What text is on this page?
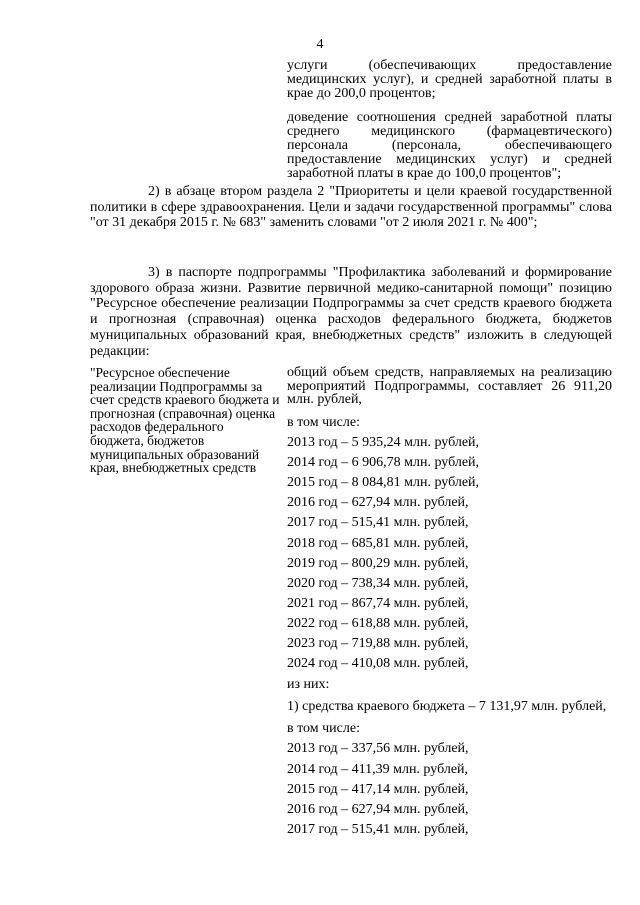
4

услуги (обеспечивающих предоставление медицинских услуг), и средней заработной платы в крае до 200,0 процентов;

доведение соотношения средней заработной платы среднего медицинского (фармацевтического) персонала (персонала, обеспечивающего предоставление медицинских услуг) и средней заработной платы в крае до 100,0 процентов";

2) в абзаце втором раздела 2 "Приоритеты и цели краевой государственной политики в сфере здравоохранения. Цели и задачи государственной программы" слова "от 31 декабря 2015 г. № 683" заменить словами "от 2 июля 2021 г. № 400";

3) в паспорте подпрограммы "Профилактика заболеваний и формирование здорового образа жизни. Развитие первичной медико-санитарной помощи" позицию "Ресурсное обеспечение реализации Подпрограммы за счет средств краевого бюджета и прогнозная (справочная) оценка расходов федерального бюджета, бюджетов муниципальных образований края, внебюджетных средств" изложить в следующей редакции:

"Ресурсное обеспечение реализации Подпрограммы за счет средств краевого бюджета и прогнозная (справочная) оценка расходов федерального бюджета, бюджетов муниципальных образований края, внебюджетных средств

общий объем средств, направляемых на реализацию мероприятий Подпрограммы, составляет 26 911,20 млн. рублей,

в том числе:

2013 год – 5 935,24 млн. рублей,

2014 год – 6 906,78 млн. рублей,

2015 год – 8 084,81 млн. рублей,

2016 год – 627,94 млн. рублей,

2017 год – 515,41 млн. рублей,

2018 год – 685,81 млн. рублей,

2019 год – 800,29 млн. рублей,

2020 год – 738,34 млн. рублей,

2021 год – 867,74 млн. рублей,

2022 год – 618,88 млн. рублей,

2023 год – 719,88 млн. рублей,

2024 год – 410,08 млн. рублей,

из них:

1) средства краевого бюджета – 7 131,97 млн. рублей,

в том числе:

2013 год – 337,56 млн. рублей,

2014 год – 411,39 млн. рублей,

2015 год – 417,14 млн. рублей,

2016 год – 627,94 млн. рублей,

2017 год – 515,41 млн. рублей,
